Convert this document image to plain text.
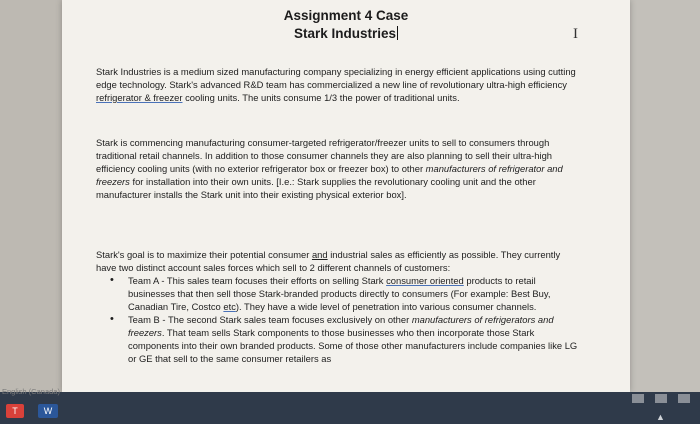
Assignment 4 Case
Stark Industries	I
Stark Industries is a medium sized manufacturing company specializing in energy efficient applications using cutting edge technology. Stark's advanced R&D team has commercialized a new line of revolutionary ultra-high efficiency refrigerator & freezer cooling units. The units consume 1/3 the power of traditional units.
Stark is commencing manufacturing consumer-targeted refrigerator/freezer units to sell to consumers through traditional retail channels. In addition to those consumer channels they are also planning to sell their ultra-high efficiency cooling units (with no exterior refrigerator box or freezer box) to other manufacturers of refrigerator and freezers for installation into their own units. [I.e.: Stark supplies the revolutionary cooling unit and the other manufacturer installs the Stark unit into their existing physical exterior box].
Stark's goal is to maximize their potential consumer and industrial sales as efficiently as possible. They currently have two distinct account sales forces which sell to 2 different channels of customers:
• Team A - This sales team focuses their efforts on selling Stark consumer oriented products to retail businesses that then sell those Stark-branded products directly to consumers (For example: Best Buy, Canadian Tire, Costco etc). They have a wide level of penetration into various consumer channels.
• Team B - The second Stark sales team focuses exclusively on other manufacturers of refrigerators and freezers. That team sells Stark components to those businesses who then incorporate those Stark components into their own branded products. Some of those other manufacturers include companies like LG or GE that sell to the same consumer retailers as
English (Canada)
T	W
▲
